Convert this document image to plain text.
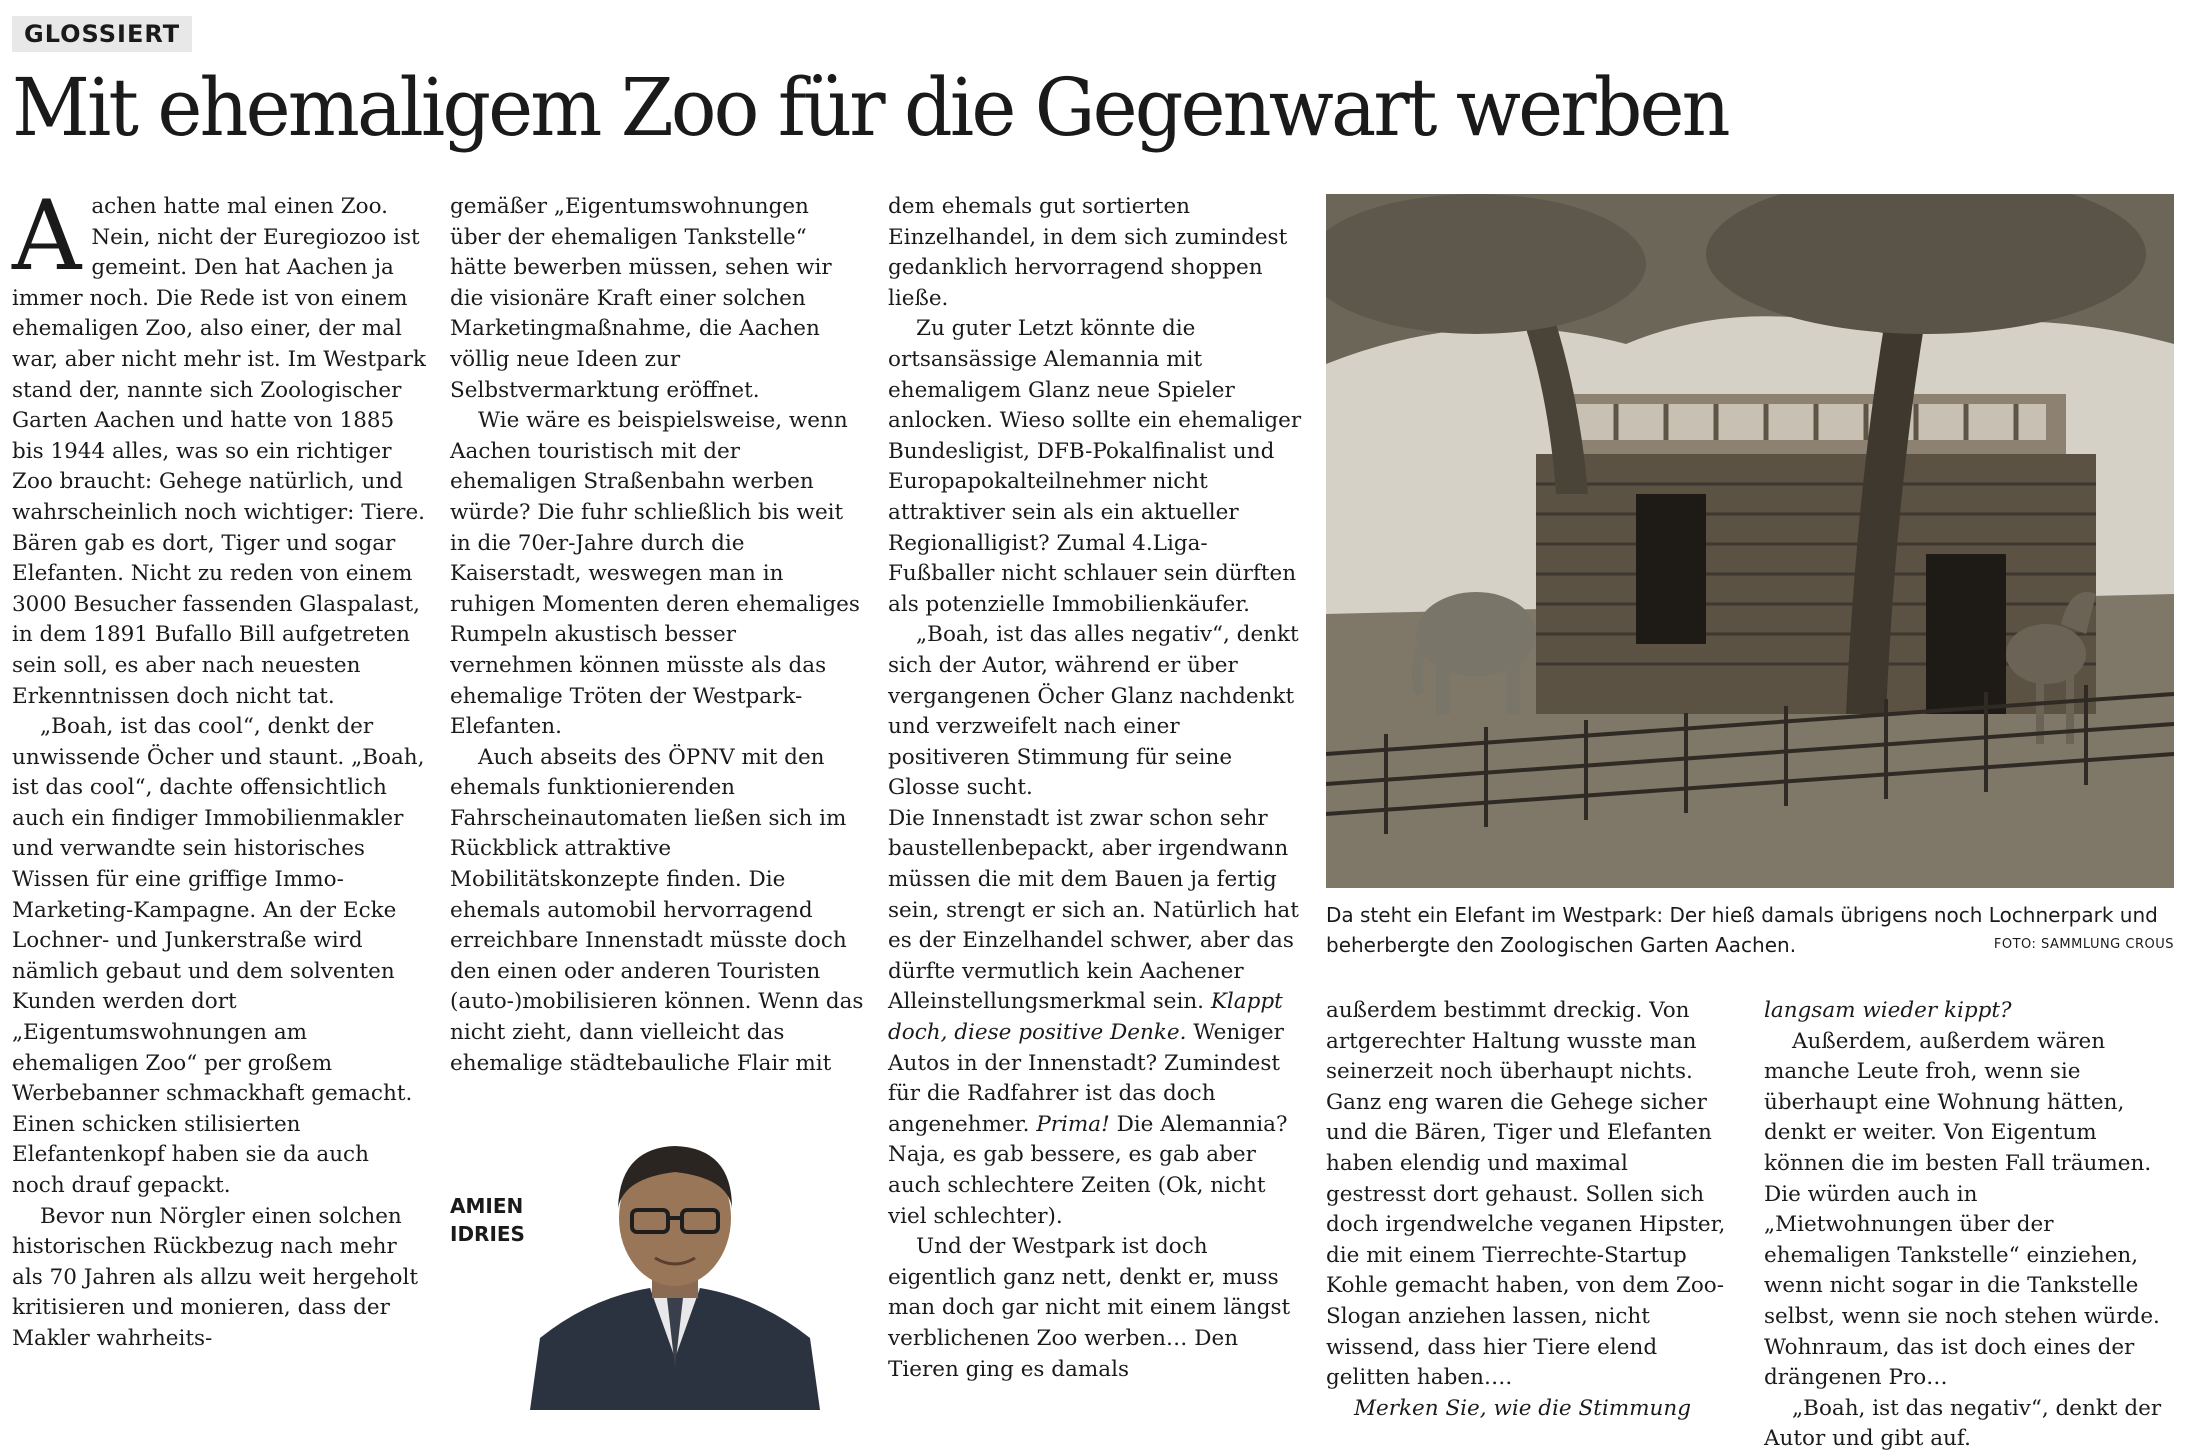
GLOSSIERT
Mit ehemaligem Zoo für die Gegenwart werben

Aachen hatte mal einen Zoo. Nein, nicht der Euregiozoo ist gemeint. Den hat Aachen ja immer noch. Die Rede ist von einem ehemaligen Zoo, also einer, der mal war, aber nicht mehr ist. Im Westpark stand der, nannte sich Zoologischer Garten Aachen und hatte von 1885 bis 1944 alles, was so ein richtiger Zoo braucht: Gehege natürlich, und wahrscheinlich noch wichtiger: Tiere. Bären gab es dort, Tiger und sogar Elefanten. Nicht zu reden von einem 3000 Besucher fassenden Glaspalast, in dem 1891 Bufallo Bill aufgetreten sein soll, es aber nach neuesten Erkenntnissen doch nicht tat.

„Boah, ist das cool“, denkt der unwissende Öcher und staunt. „Boah, ist das cool“, dachte offensichtlich auch ein findiger Immobilienmakler und verwandte sein historisches Wissen für eine griffige Immo-Marketing-Kampagne. An der Ecke Lochner- und Junkerstraße wird nämlich gebaut und dem solventen Kunden werden dort „Eigentumswohnungen am ehemaligen Zoo“ per großem Werbebanner schmackhaft gemacht. Einen schicken stilisierten Elefantenkopf haben sie da auch noch drauf gepackt.

Bevor nun Nörgler einen solchen historischen Rückbezug nach mehr als 70 Jahren als allzu weit hergeholt kritisieren und monieren, dass der Makler wahrheits-

gemäßer „Eigentumswohnungen über der ehemaligen Tankstelle“ hätte bewerben müssen, sehen wir die visionäre Kraft einer solchen Marketingmaßnahme, die Aachen völlig neue Ideen zur Selbstvermarktung eröffnet.

Wie wäre es beispielsweise, wenn Aachen touristisch mit der ehemaligen Straßenbahn werben würde? Die fuhr schließlich bis weit in die 70er-Jahre durch die Kaiserstadt, weswegen man in ruhigen Momenten deren ehemaliges Rumpeln akustisch besser vernehmen können müsste als das ehemalige Tröten der Westpark-Elefanten.

Auch abseits des ÖPNV mit den ehemals funktionierenden Fahrscheinautomaten ließen sich im Rückblick attraktive Mobilitätskonzepte finden. Die ehemals automobil hervorragend erreichbare Innenstadt müsste doch den einen oder anderen Touristen (auto-)mobilisieren können. Wenn das nicht zieht, dann vielleicht das ehemalige städtebauliche Flair mit

AMIEN
IDRIES

dem ehemals gut sortierten Einzelhandel, in dem sich zumindest gedanklich hervorragend shoppen ließe.

Zu guter Letzt könnte die ortsansässige Alemannia mit ehemaligem Glanz neue Spieler anlocken. Wieso sollte ein ehemaliger Bundesligist, DFB-Pokalfinalist und Europapokalteilnehmer nicht attraktiver sein als ein aktueller Regionalligist? Zumal 4.Liga-Fußballer nicht schlauer sein dürften als potenzielle Immobilienkäufer.

„Boah, ist das alles negativ“, denkt sich der Autor, während er über vergangenen Öcher Glanz nachdenkt und verzweifelt nach einer positiveren Stimmung für seine Glosse sucht.

Die Innenstadt ist zwar schon sehr baustellenbepackt, aber irgendwann müssen die mit dem Bauen ja fertig sein, strengt er sich an. Natürlich hat es der Einzelhandel schwer, aber das dürfte vermutlich kein Aachener Alleinstellungsmerkmal sein. Klappt doch, diese positive Denke. Weniger Autos in der Innenstadt? Zumindest für die Radfahrer ist das doch angenehmer. Prima! Die Alemannia? Naja, es gab bessere, es gab aber auch schlechtere Zeiten (Ok, nicht viel schlechter).

Und der Westpark ist doch eigentlich ganz nett, denkt er, muss man doch gar nicht mit einem längst verblichenen Zoo werben… Den Tieren ging es damals

Da steht ein Elefant im Westpark: Der hieß damals übrigens noch Lochnerpark und beherbergte den Zoologischen Garten Aachen.	FOTO: SAMMLUNG CROUS

außerdem bestimmt dreckig. Von artgerechter Haltung wusste man seinerzeit noch überhaupt nichts. Ganz eng waren die Gehege sicher und die Bären, Tiger und Elefanten haben elendig und maximal gestresst dort gehaust. Sollen sich doch irgendwelche veganen Hipster, die mit einem Tierrechte-Startup Kohle gemacht haben, von dem Zoo-Slogan anziehen lassen, nicht wissend, dass hier Tiere elend gelitten haben….

Merken Sie, wie die Stimmung

langsam wieder kippt?

Außerdem, außerdem wären manche Leute froh, wenn sie überhaupt eine Wohnung hätten, denkt er weiter. Von Eigentum können die im besten Fall träumen. Die würden auch in „Mietwohnungen über der ehemaligen Tankstelle“ einziehen, wenn nicht sogar in die Tankstelle selbst, wenn sie noch stehen würde. Wohnraum, das ist doch eines der drängenen Pro…

„Boah, ist das negativ“, denkt der Autor und gibt auf.
